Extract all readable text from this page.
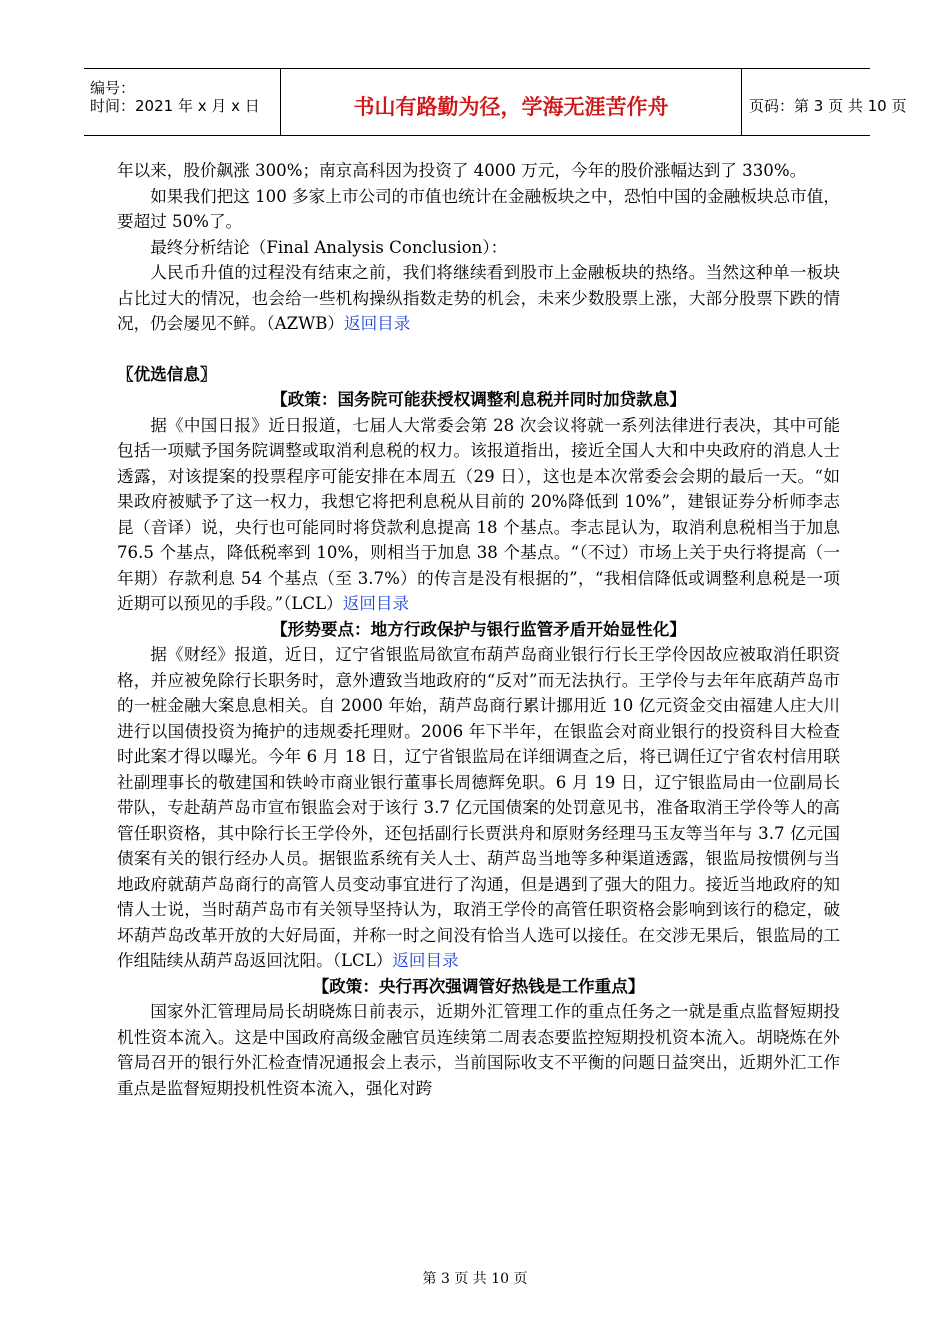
编号：
时间：2021 年 x 月 x 日	书山有路勤为径，学海无涯苦作舟	页码：第 3 页 共 10 页

年以来，股价飙涨 300%；南京高科因为投资了 4000 万元，今年的股价涨幅达到了 330%。

如果我们把这 100 多家上市公司的市值也统计在金融板块之中，恐怕中国的金融板块总市值，要超过 50%了。

最终分析结论（Final Analysis Conclusion）：

人民币升值的过程没有结束之前，我们将继续看到股市上金融板块的热络。当然这种单一板块占比过大的情况，也会给一些机构操纵指数走势的机会，未来少数股票上涨，大部分股票下跌的情况，仍会屡见不鲜。（AZWB）返回目录

〖优选信息〗

【政策：国务院可能获授权调整利息税并同时加贷款息】

据《中国日报》近日报道，七届人大常委会第 28 次会议将就一系列法律进行表决，其中可能包括一项赋予国务院调整或取消利息税的权力。该报道指出，接近全国人大和中央政府的消息人士透露，对该提案的投票程序可能安排在本周五（29 日），这也是本次常委会会期的最后一天。“如果政府被赋予了这一权力，我想它将把利息税从目前的 20%降低到 10%”，建银证券分析师李志昆（音译）说，央行也可能同时将贷款利息提高 18 个基点。李志昆认为，取消利息税相当于加息 76.5 个基点，降低税率到 10%，则相当于加息 38 个基点。“（不过）市场上关于央行将提高（一年期）存款利息 54 个基点（至 3.7%）的传言是没有根据的”，“我相信降低或调整利息税是一项近期可以预见的手段。”（LCL）返回目录

【形势要点：地方行政保护与银行监管矛盾开始显性化】

据《财经》报道，近日，辽宁省银监局欲宣布葫芦岛商业银行行长王学伶因故应被取消任职资格，并应被免除行长职务时，意外遭致当地政府的“反对”而无法执行。王学伶与去年年底葫芦岛市的一桩金融大案息息相关。自 2000 年始，葫芦岛商行累计挪用近 10 亿元资金交由福建人庄大川进行以国债投资为掩护的违规委托理财。2006 年下半年，在银监会对商业银行的投资科目大检查时此案才得以曝光。今年 6 月 18 日，辽宁省银监局在详细调查之后，将已调任辽宁省农村信用联社副理事长的敬建国和铁岭市商业银行董事长周德辉免职。6 月 19 日，辽宁银监局由一位副局长带队，专赴葫芦岛市宣布银监会对于该行 3.7 亿元国债案的处罚意见书，准备取消王学伶等人的高管任职资格，其中除行长王学伶外，还包括副行长贾洪舟和原财务经理马玉友等当年与 3.7 亿元国债案有关的银行经办人员。据银监系统有关人士、葫芦岛当地等多种渠道透露，银监局按惯例与当地政府就葫芦岛商行的高管人员变动事宜进行了沟通，但是遇到了强大的阻力。接近当地政府的知情人士说，当时葫芦岛市有关领导坚持认为，取消王学伶的高管任职资格会影响到该行的稳定，破坏葫芦岛改革开放的大好局面，并称一时之间没有恰当人选可以接任。在交涉无果后，银监局的工作组陆续从葫芦岛返回沈阳。（LCL）返回目录

【政策：央行再次强调管好热钱是工作重点】

国家外汇管理局局长胡晓炼日前表示，近期外汇管理工作的重点任务之一就是重点监督短期投机性资本流入。这是中国政府高级金融官员连续第二周表态要监控短期投机资本流入。胡晓炼在外管局召开的银行外汇检查情况通报会上表示，当前国际收支不平衡的问题日益突出，近期外汇工作重点是监督短期投机性资本流入，强化对跨

第 3 页 共 10 页
